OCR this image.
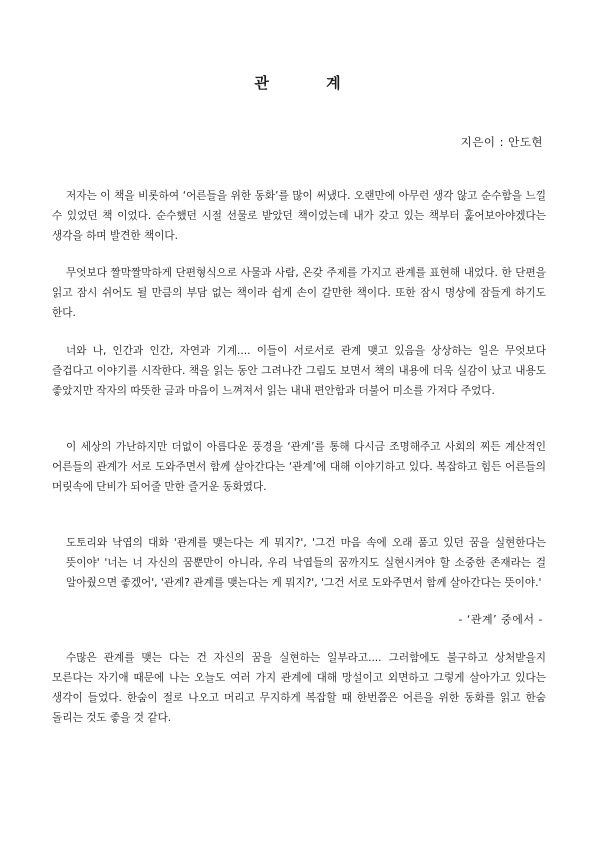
관 계
지은이 : 안도현

저자는 이 책을 비롯하여 ‘어른들을 위한 동화’를 많이 써냈다. 오랜만에 아무런 생각 않고 순수함을 느낄 수 있었던 책 이었다. 순수했던 시절 선물로 받았던 책이었는데 내가 갖고 있는 책부터 훑어보아야겠다는 생각을 하며 발견한 책이다.

무엇보다 짤막짤막하게 단편형식으로 사물과 사람, 온갖 주제를 가지고 관계를 표현해 내었다. 한 단편을 읽고 잠시 쉬어도 될 만큼의 부담 없는 책이라 쉽게 손이 갈만한 책이다. 또한 잠시 명상에 잠들게 하기도 한다.

너와 나, 인간과 인간, 자연과 기계.... 이들이 서로서로 관계 맺고 있음을 상상하는 일은 무엇보다 즐겁다고 이야기를 시작한다. 책을 읽는 동안 그려나간 그림도 보면서 책의 내용에 더욱 실감이 났고 내용도 좋았지만 작자의 따뜻한 글과 마음이 느껴져서 읽는 내내 편안함과 더불어 미소를 가져다 주었다.

이 세상의 가난하지만 더없이 아름다운 풍경을 ‘관계’를 통해 다시금 조명해주고 사회의 찌든 계산적인 어른들의 관계가 서로 도와주면서 함께 살아간다는 ‘관계’에 대해 이야기하고 있다. 복잡하고 힘든 어른들의 머릿속에 단비가 되어줄 만한 즐거운 동화였다.

도토리와 낙엽의 대화 '관계를 맺는다는 게 뭐지?', '그건 마음 속에 오래 품고 있던 꿈을 실현한다는 뜻이야' '너는 너 자신의 꿈뿐만이 아니라, 우리 낙엽들의 꿈까지도 실현시켜야 할 소중한 존재라는 걸 알아줬으면 좋겠어', '관계? 관계를 맺는다는 게 뭐지?', '그건 서로 도와주면서 함께 살아간다는 뜻이야.'

- ‘관계’ 중에서 -

수많은 관계를 맺는 다는 건 자신의 꿈을 실현하는 일부라고.... 그러함에도 불구하고 상처받을지 모른다는 자기애 때문에 나는 오늘도 여러 가지 관계에 대해 망설이고 외면하고 그렇게 살아가고 있다는 생각이 들었다. 한숨이 절로 나오고 머리고 무지하게 복잡할 때 한번쯤은 어른을 위한 동화를 읽고 한숨 돌리는 것도 좋을 것 같다.
